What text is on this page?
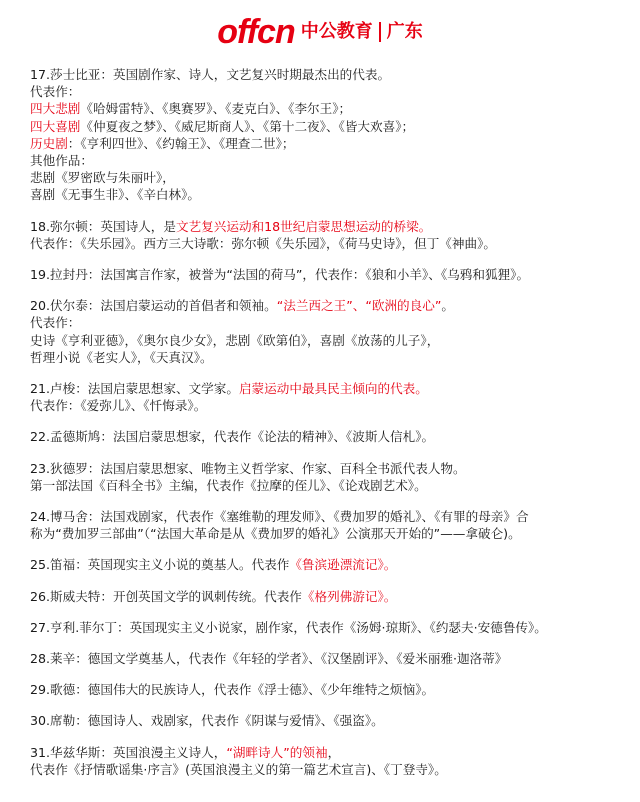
offcn 中公教育 广东
17.莎士比亚：英国剧作家、诗人，文艺复兴时期最杰出的代表。
代表作：
四大悲剧《哈姆雷特》、《奥赛罗》、《麦克白》、《李尔王》；
四大喜剧《仲夏夜之梦》、《威尼斯商人》、《第十二夜》、《皆大欢喜》；
历史剧：《亨利四世》、《约翰王》、《理查二世》；
其他作品：
悲剧《罗密欧与朱丽叶》，
喜剧《无事生非》、《辛白林》。
18.弥尔顿：英国诗人，是文艺复兴运动和18世纪启蒙思想运动的桥梁。
代表作：《失乐园》。西方三大诗歌：弥尔顿《失乐园》，《荷马史诗》，但丁《神曲》。
19.拉封丹：法国寓言作家，被誉为“法国的荷马”，代表作：《狼和小羊》、《乌鸦和狐狸》。
20.伏尔泰：法国启蒙运动的首倡者和领袖。“法兰西之王”、“欧洲的良心”。
代表作：
史诗《亨利亚德》，《奥尔良少女》，悲剧《欧第伯》，喜剧《放荡的儿子》，
哲理小说《老实人》，《天真汉》。
21.卢梭：法国启蒙思想家、文学家。启蒙运动中最具民主倾向的代表。
代表作：《爱弥儿》、《忏悔录》。
22.孟德斯鸠：法国启蒙思想家，代表作《论法的精神》、《波斯人信札》。
23.狄德罗：法国启蒙思想家、唯物主义哲学家、作家、百科全书派代表人物。
第一部法国《百科全书》主编，代表作《拉摩的侄儿》、《论戏剧艺术》。
24.博马舍：法国戏剧家，代表作《塞维勒的理发师》、《费加罗的婚礼》、《有罪的母亲》合
称为“费加罗三部曲”（“法国大革命是从《费加罗的婚礼》公演那天开始的”——拿破仑)。
25.笛福：英国现实主义小说的奠基人。代表作《鲁滨逊漂流记》。
26.斯威夫特：开创英国文学的讽刺传统。代表作《格列佛游记》。
27.亨利.菲尔丁：英国现实主义小说家，剧作家，代表作《汤姆·琼斯》、《约瑟夫·安德鲁传》。
28.莱辛：德国文学奠基人，代表作《年轻的学者》、《汉堡剧评》、《爱米丽雅·迦洛蒂》
29.歌德：德国伟大的民族诗人，代表作《浮士德》、《少年维特之烦恼》。
30.席勒：德国诗人、戏剧家，代表作《阴谋与爱情》、《强盗》。
31.华兹华斯：英国浪漫主义诗人，“湖畔诗人”的领袖，
代表作《抒情歌谣集·序言》(英国浪漫主义的第一篇艺术宣言)、《丁登寺》。
